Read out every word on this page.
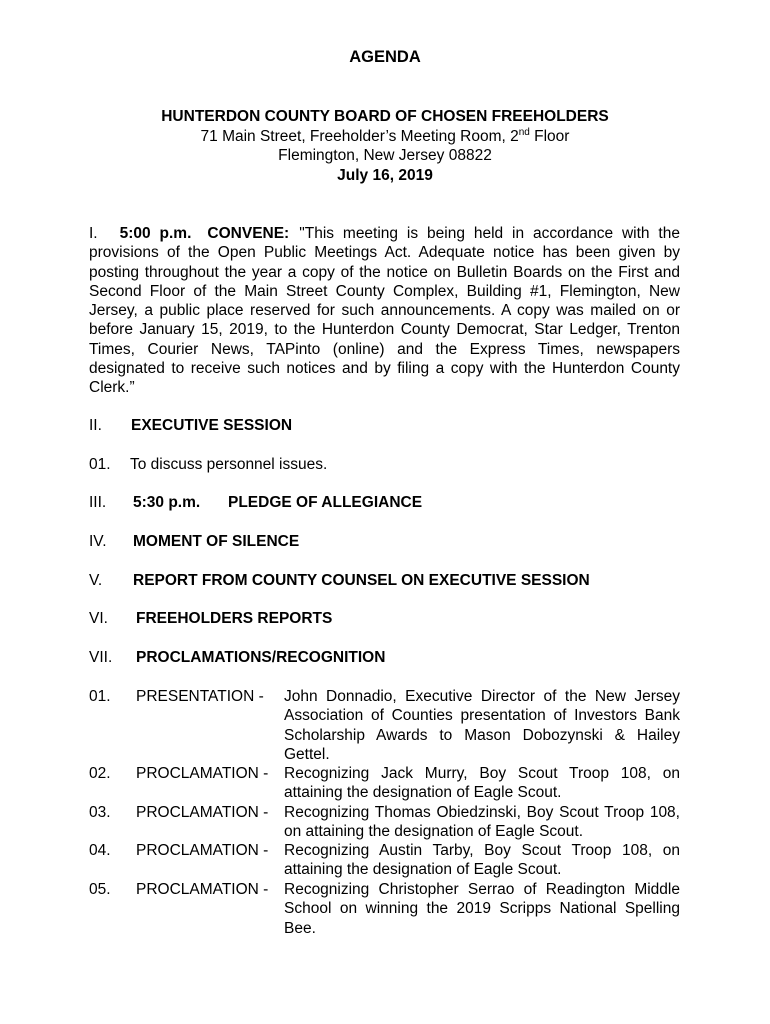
AGENDA
HUNTERDON COUNTY BOARD OF CHOSEN FREEHOLDERS
71 Main Street, Freeholder’s Meeting Room, 2nd Floor
Flemington, New Jersey 08822
July 16, 2019
I. 5:00 p.m. CONVENE: "This meeting is being held in accordance with the provisions of the Open Public Meetings Act. Adequate notice has been given by posting throughout the year a copy of the notice on Bulletin Boards on the First and Second Floor of the Main Street County Complex, Building #1, Flemington, New Jersey, a public place reserved for such announcements. A copy was mailed on or before January 15, 2019, to the Hunterdon County Democrat, Star Ledger, Trenton Times, Courier News, TAPinto (online) and the Express Times, newspapers designated to receive such notices and by filing a copy with the Hunterdon County Clerk.”
II. EXECUTIVE SESSION
01. To discuss personnel issues.
III. 5:30 p.m. PLEDGE OF ALLEGIANCE
IV. MOMENT OF SILENCE
V. REPORT FROM COUNTY COUNSEL ON EXECUTIVE SESSION
VI. FREEHOLDERS REPORTS
VII. PROCLAMATIONS/RECOGNITION
01. PRESENTATION - John Donnadio, Executive Director of the New Jersey Association of Counties presentation of Investors Bank Scholarship Awards to Mason Dobozynski & Hailey Gettel.
02. PROCLAMATION - Recognizing Jack Murry, Boy Scout Troop 108, on attaining the designation of Eagle Scout.
03. PROCLAMATION - Recognizing Thomas Obiedzinski, Boy Scout Troop 108, on attaining the designation of Eagle Scout.
04. PROCLAMATION - Recognizing Austin Tarby, Boy Scout Troop 108, on attaining the designation of Eagle Scout.
05. PROCLAMATION - Recognizing Christopher Serrao of Readington Middle School on winning the 2019 Scripps National Spelling Bee.
